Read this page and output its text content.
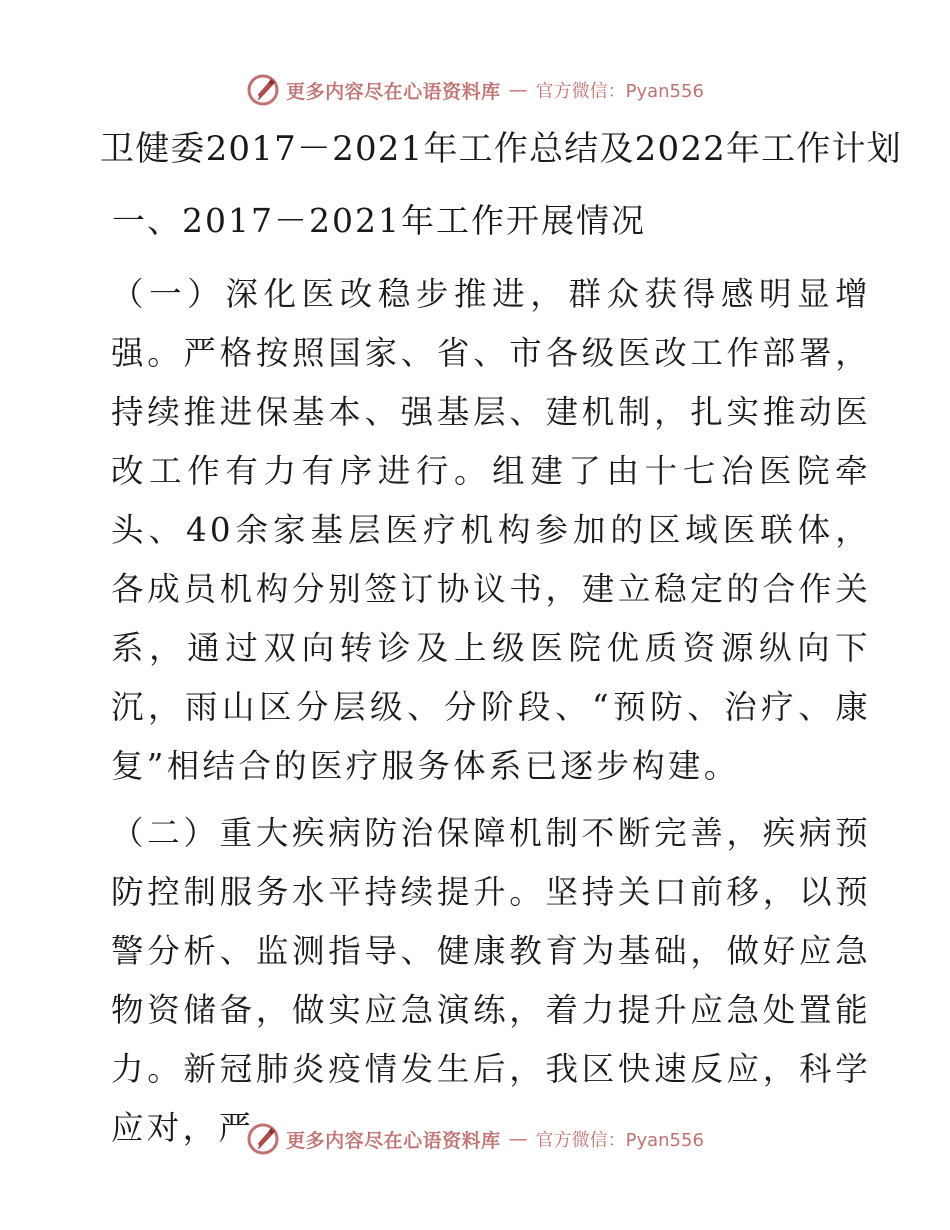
更多内容尽在心语资料库 — 官方微信：Pyan556
卫健委2017－2021年工作总结及2022年工作计划
一、2017－2021年工作开展情况
（一）深化医改稳步推进，群众获得感明显增强。严格按照国家、省、市各级医改工作部署，持续推进保基本、强基层、建机制，扎实推动医改工作有力有序进行。组建了由十七冶医院牵头、40余家基层医疗机构参加的区域医联体，各成员机构分别签订协议书，建立稳定的合作关系，通过双向转诊及上级医院优质资源纵向下沉，雨山区分层级、分阶段、“预防、治疗、康复”相结合的医疗服务体系已逐步构建。
（二）重大疾病防治保障机制不断完善，疾病预防控制服务水平持续提升。坚持关口前移，以预警分析、监测指导、健康教育为基础，做好应急物资储备，做实应急演练，着力提升应急处置能力。新冠肺炎疫情发生后，我区快速反应，科学应对，严	更多内容尽在心语资料库 — 官方微信：Pyan556
